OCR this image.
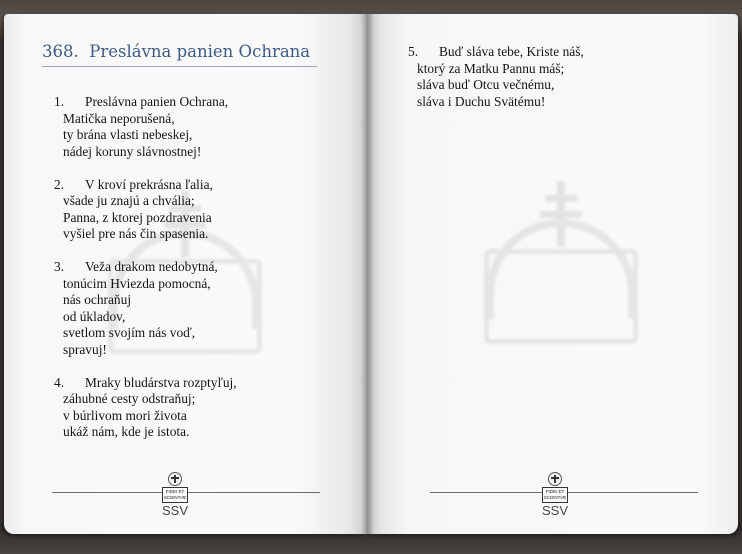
368. Preslávna panien Ochrana
1. Preslávna panien Ochrana,
Matička neporušená,
ty brána vlasti nebeskej,
nádej koruny slávnostnej!
2. V kroví prekrásna ľalia,
všade ju znajú a chvália;
Panna, z ktorej pozdravenia
vyšiel pre nás čin spasenia.
3. Veža drakom nedobytná,
tonúcim Hviezda pomocná,
nás ochraňuj
od úkladov,
svetlom svojím nás voď,
spravuj!
4. Mraky bludárstva rozptyľuj,
záhubné cesty odstraňuj;
v búrlivom mori životа
ukáž nám, kde je istota.
FIDEI ET
SCIENTIÆ
SSV
5. Buď sláva tebe, Kriste náš,
ktorý za Matku Pannu máš;
sláva buď Otcu večnému,
sláva i Duchu Svätému!
FIDEI ET
SCIENTIÆ
SSV
